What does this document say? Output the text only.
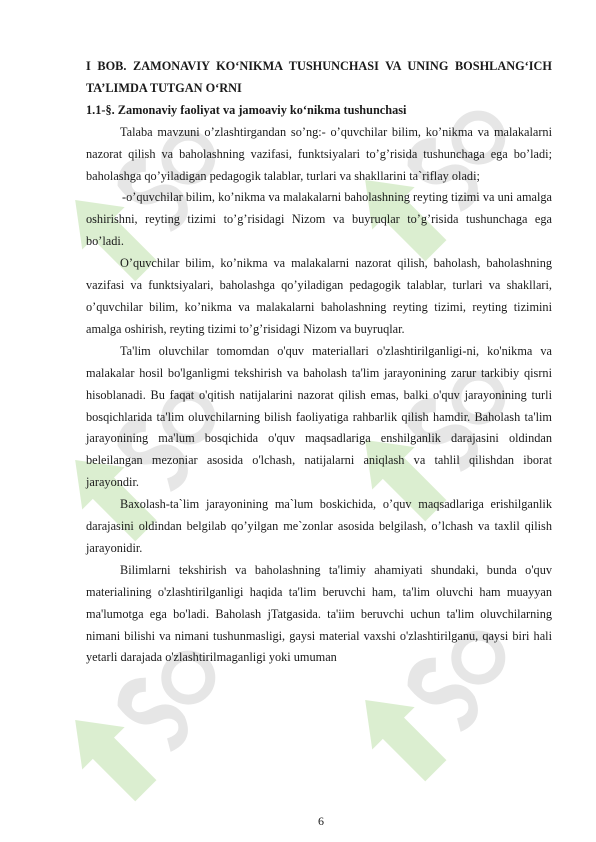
I BOB. ZAMONAVIY KO‘NIKMA TUSHUNCHASI VA UNING BOSHLANG‘ICH TA’LIMDA TUTGAN O‘RNI

1.1-§. Zamonaviy faoliyat va jamoaviy ko‘nikma tushunchasi

Talaba mavzuni o’zlashtirgandan so’ng:- o’quvchilar bilim, ko’nikma va malakalarni nazorat qilish va baholashning vazifasi, funktsiyalari to’g’risida tushunchaga ega bo’ladi; baholashga qo’yiladigan pedagogik talablar, turlari va shakllarini ta`riflay oladi;

-o’quvchilar bilim, ko’nikma va malakalarni baholashning reyting tizimi va uni amalga oshirishni, reyting tizimi to’g’risidagi Nizom va buyruqlar to’g’risida tushunchaga ega bo’ladi.

O’quvchilar bilim, ko’nikma va malakalarni nazorat qilish, baholash, baholashning vazifasi va funktsiyalari, baholashga qo’yiladigan pedagogik talablar, turlari va shakllari, o’quvchilar bilim, ko’nikma va malakalarni baholashning reyting tizimi, reyting tizimini amalga oshirish, reyting tizimi to’g’risidagi Nizom va buyruqlar.

Ta'lim oluvchilar tomomdan o'quv materiallari o'zlashtirilganligi-ni, ko'nikma va malakalar hosil bo'lganligmi tekshirish va baholash ta'lim jarayonining zarur tarkibiy qisrni hisoblanadi. Bu faqat o'qitish natijalarini nazorat qilish emas, balki o'quv jarayonining turli bosqichlarida ta'lim oluvchilarning bilish faoliyatiga rahbarlik qilish hamdir. Baholash ta'lim jarayonining ma'lum bosqichida o'quv maqsadlariga enshilganlik darajasini oldindan beleilangan mezoniar asosida o'lchash, natijalarni aniqlash va tahlil qilishdan iborat jarayondir.

Baxolash-ta`lim jarayonining ma`lum boskichida, o’quv maqsadlariga erishilganlik darajasini oldindan belgilab qo’yilgan me`zonlar asosida belgilash, o’lchash va taxlil qilish jarayonidir.

Bilimlarni tekshirish va baholashning ta'limiy ahamiyati shundaki, bunda o'quv materialining o'zlashtirilganligi haqida ta'lim beruvchi ham, ta'lim oluvchi ham muayyan ma'lumotga ega bo'ladi. Baholash jTatgasida. ta'iim beruvchi uchun ta'lim oluvchilarning nimani bilishi va nimani tushunmasligi, gaysi material vaxshi o'zlashtirilganu, qaysi biri hali yetarli darajada o'zlashtirilmaganligi yoki umuman

6
